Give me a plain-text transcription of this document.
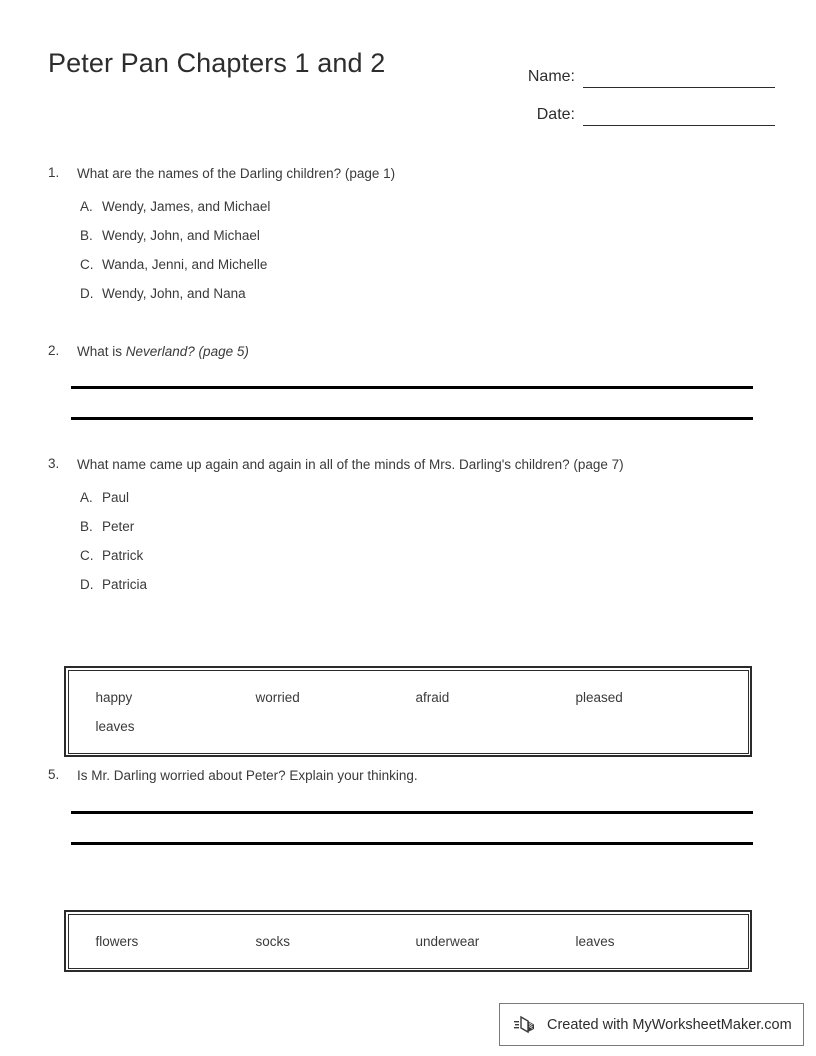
Peter Pan Chapters 1 and 2	Name:
Date:
1.	What are the names of the Darling children? (page 1)
A. Wendy, James, and Michael
B. Wendy, John, and Michael
C. Wanda, Jenni, and Michelle
D. Wendy, John, and Nana
2.	What is Neverland? (page 5)
3.	What name came up again and again in all of the minds of Mrs. Darling's children? (page 7)
A. Paul
B. Peter
C. Patrick
D. Patricia
happy	worried	afraid	pleased
leaves
5.	Is Mr. Darling worried about Peter? Explain your thinking.
flowers	socks	underwear	leaves
Created with MyWorksheetMaker.com
